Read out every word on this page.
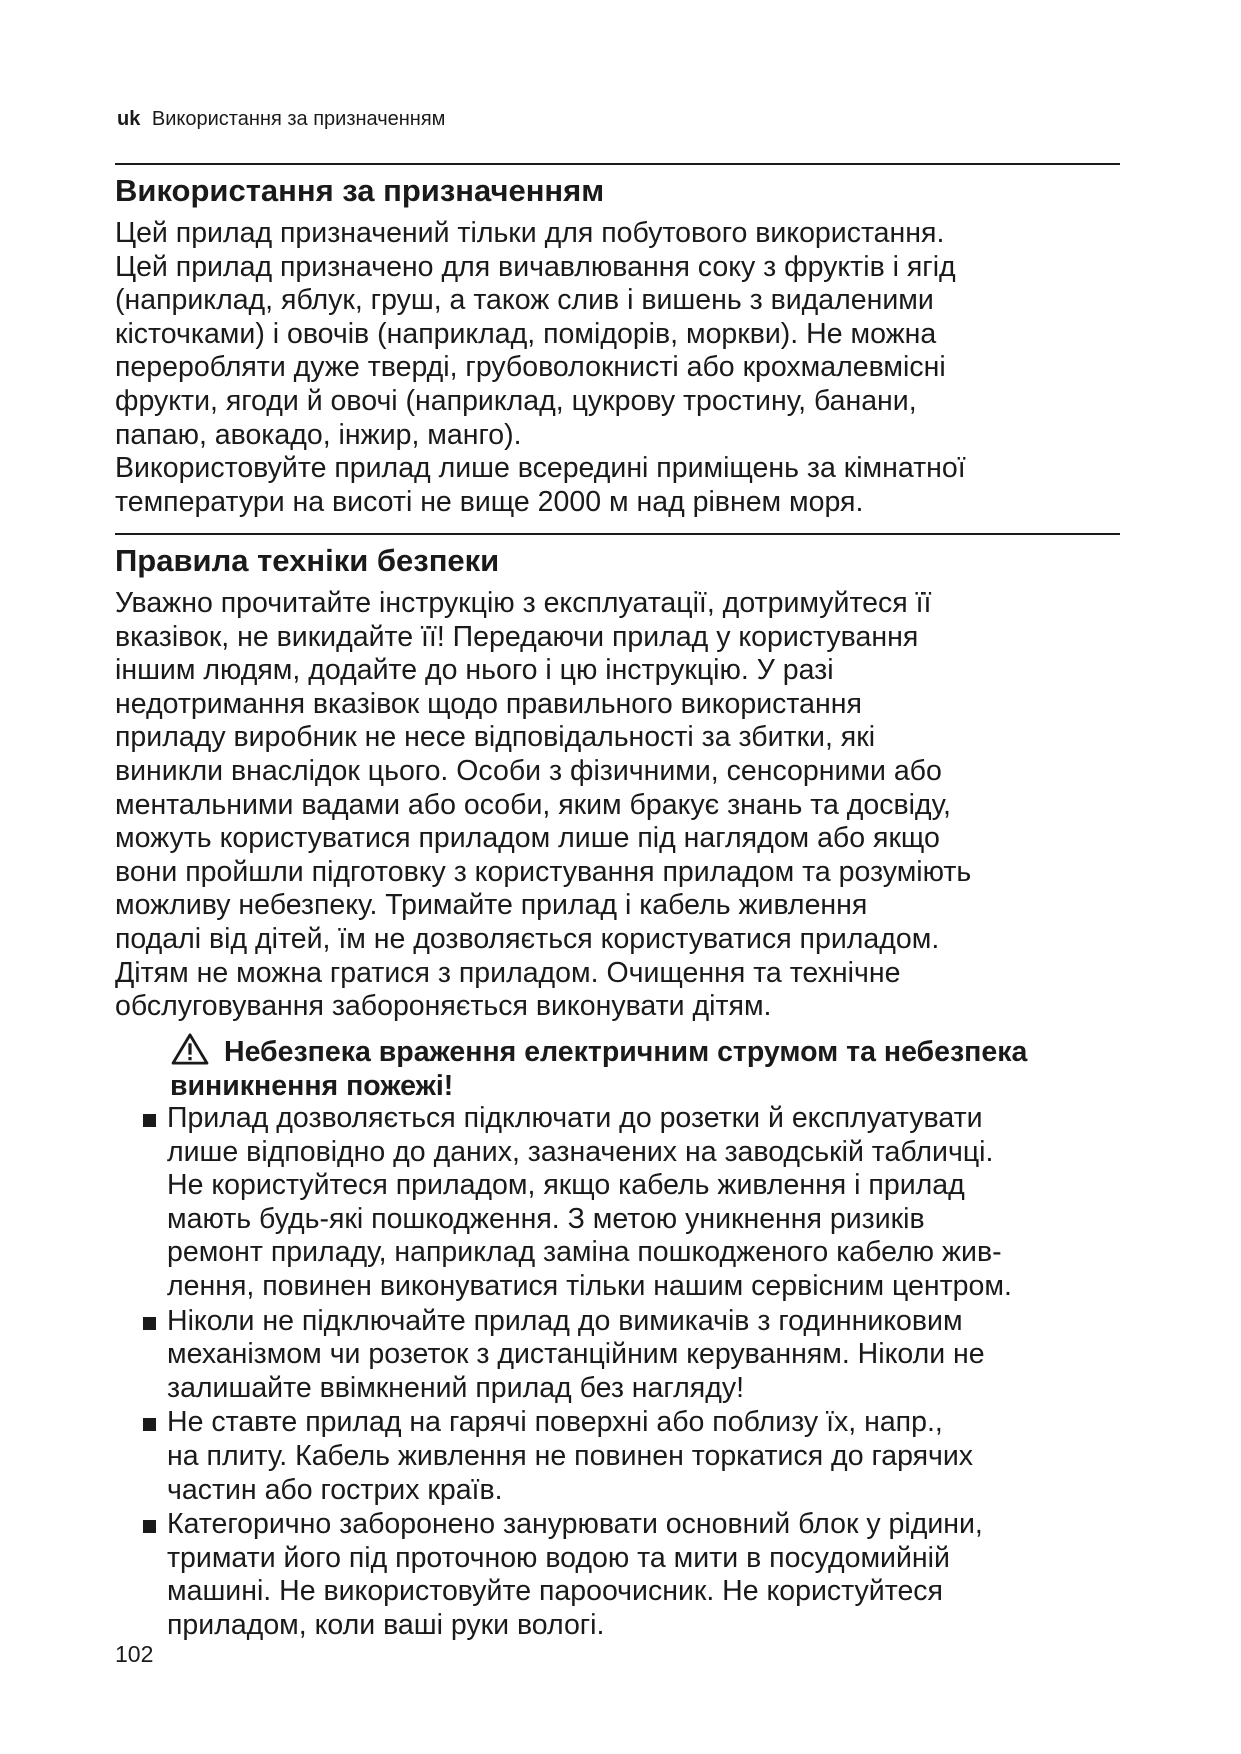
uk Використання за призначенням
Використання за призначенням
Цей прилад призначений тільки для побутового використання.
Цей прилад призначено для вичавлювання соку з фруктів і ягід
(наприклад, яблук, груш, а також слив і вишень з видаленими
кісточками) і овочів (наприклад, помідорів, моркви). Не можна
переробляти дуже тверді, грубоволокнисті або крохмалевмісні
фрукти, ягоди й овочі (наприклад, цукрову тростину, банани,
папаю, авокадо, інжир, манго).
Використовуйте прилад лише всередині приміщень за кімнатної
температури на висоті не вище 2000 м над рівнем моря.
Правила техніки безпеки
Уважно прочитайте інструкцію з експлуатації, дотримуйтеся її
вказівок, не викидайте її! Передаючи прилад у користування
іншим людям, додайте до нього і цю інструкцію. У разі
недотримання вказівок щодо правильного використання
приладу виробник не несе відповідальності за збитки, які
виникли внаслідок цього. Особи з фізичними, сенсорними або
ментальними вадами або особи, яким бракує знань та досвіду,
можуть користуватися приладом лише під наглядом або якщо
вони пройшли підготовку з користування приладом та розуміють
можливу небезпеку. Тримайте прилад і кабель живлення
подалі від дітей, їм не дозволяється користуватися приладом.
Дітям не можна гратися з приладом. Очищення та технічне
обслуговування забороняється виконувати дітям.
Небезпека враження електричним струмом та небезпека
виникнення пожежі!
Прилад дозволяється підключати до розетки й експлуатувати
лише відповідно до даних, зазначених на заводській табличці.
Не користуйтеся приладом, якщо кабель живлення і прилад
мають будь-які пошкодження. З метою уникнення ризиків
ремонт приладу, наприклад заміна пошкодженого кабелю жив-
лення, повинен виконуватися тільки нашим сервісним центром.
Ніколи не підключайте прилад до вимикачів з годинниковим
механізмом чи розеток з дистанційним керуванням. Ніколи не
залишайте ввімкнений прилад без нагляду!
Не ставте прилад на гарячі поверхні або поблизу їх, напр.,
на плиту. Кабель живлення не повинен торкатися до гарячих
частин або гострих країв.
Категорично заборонено занурювати основний блок у рідини,
тримати його під проточною водою та мити в посудомийній
машині. Не використовуйте пароочисник. Не користуйтеся
приладом, коли ваші руки вологі.
102
